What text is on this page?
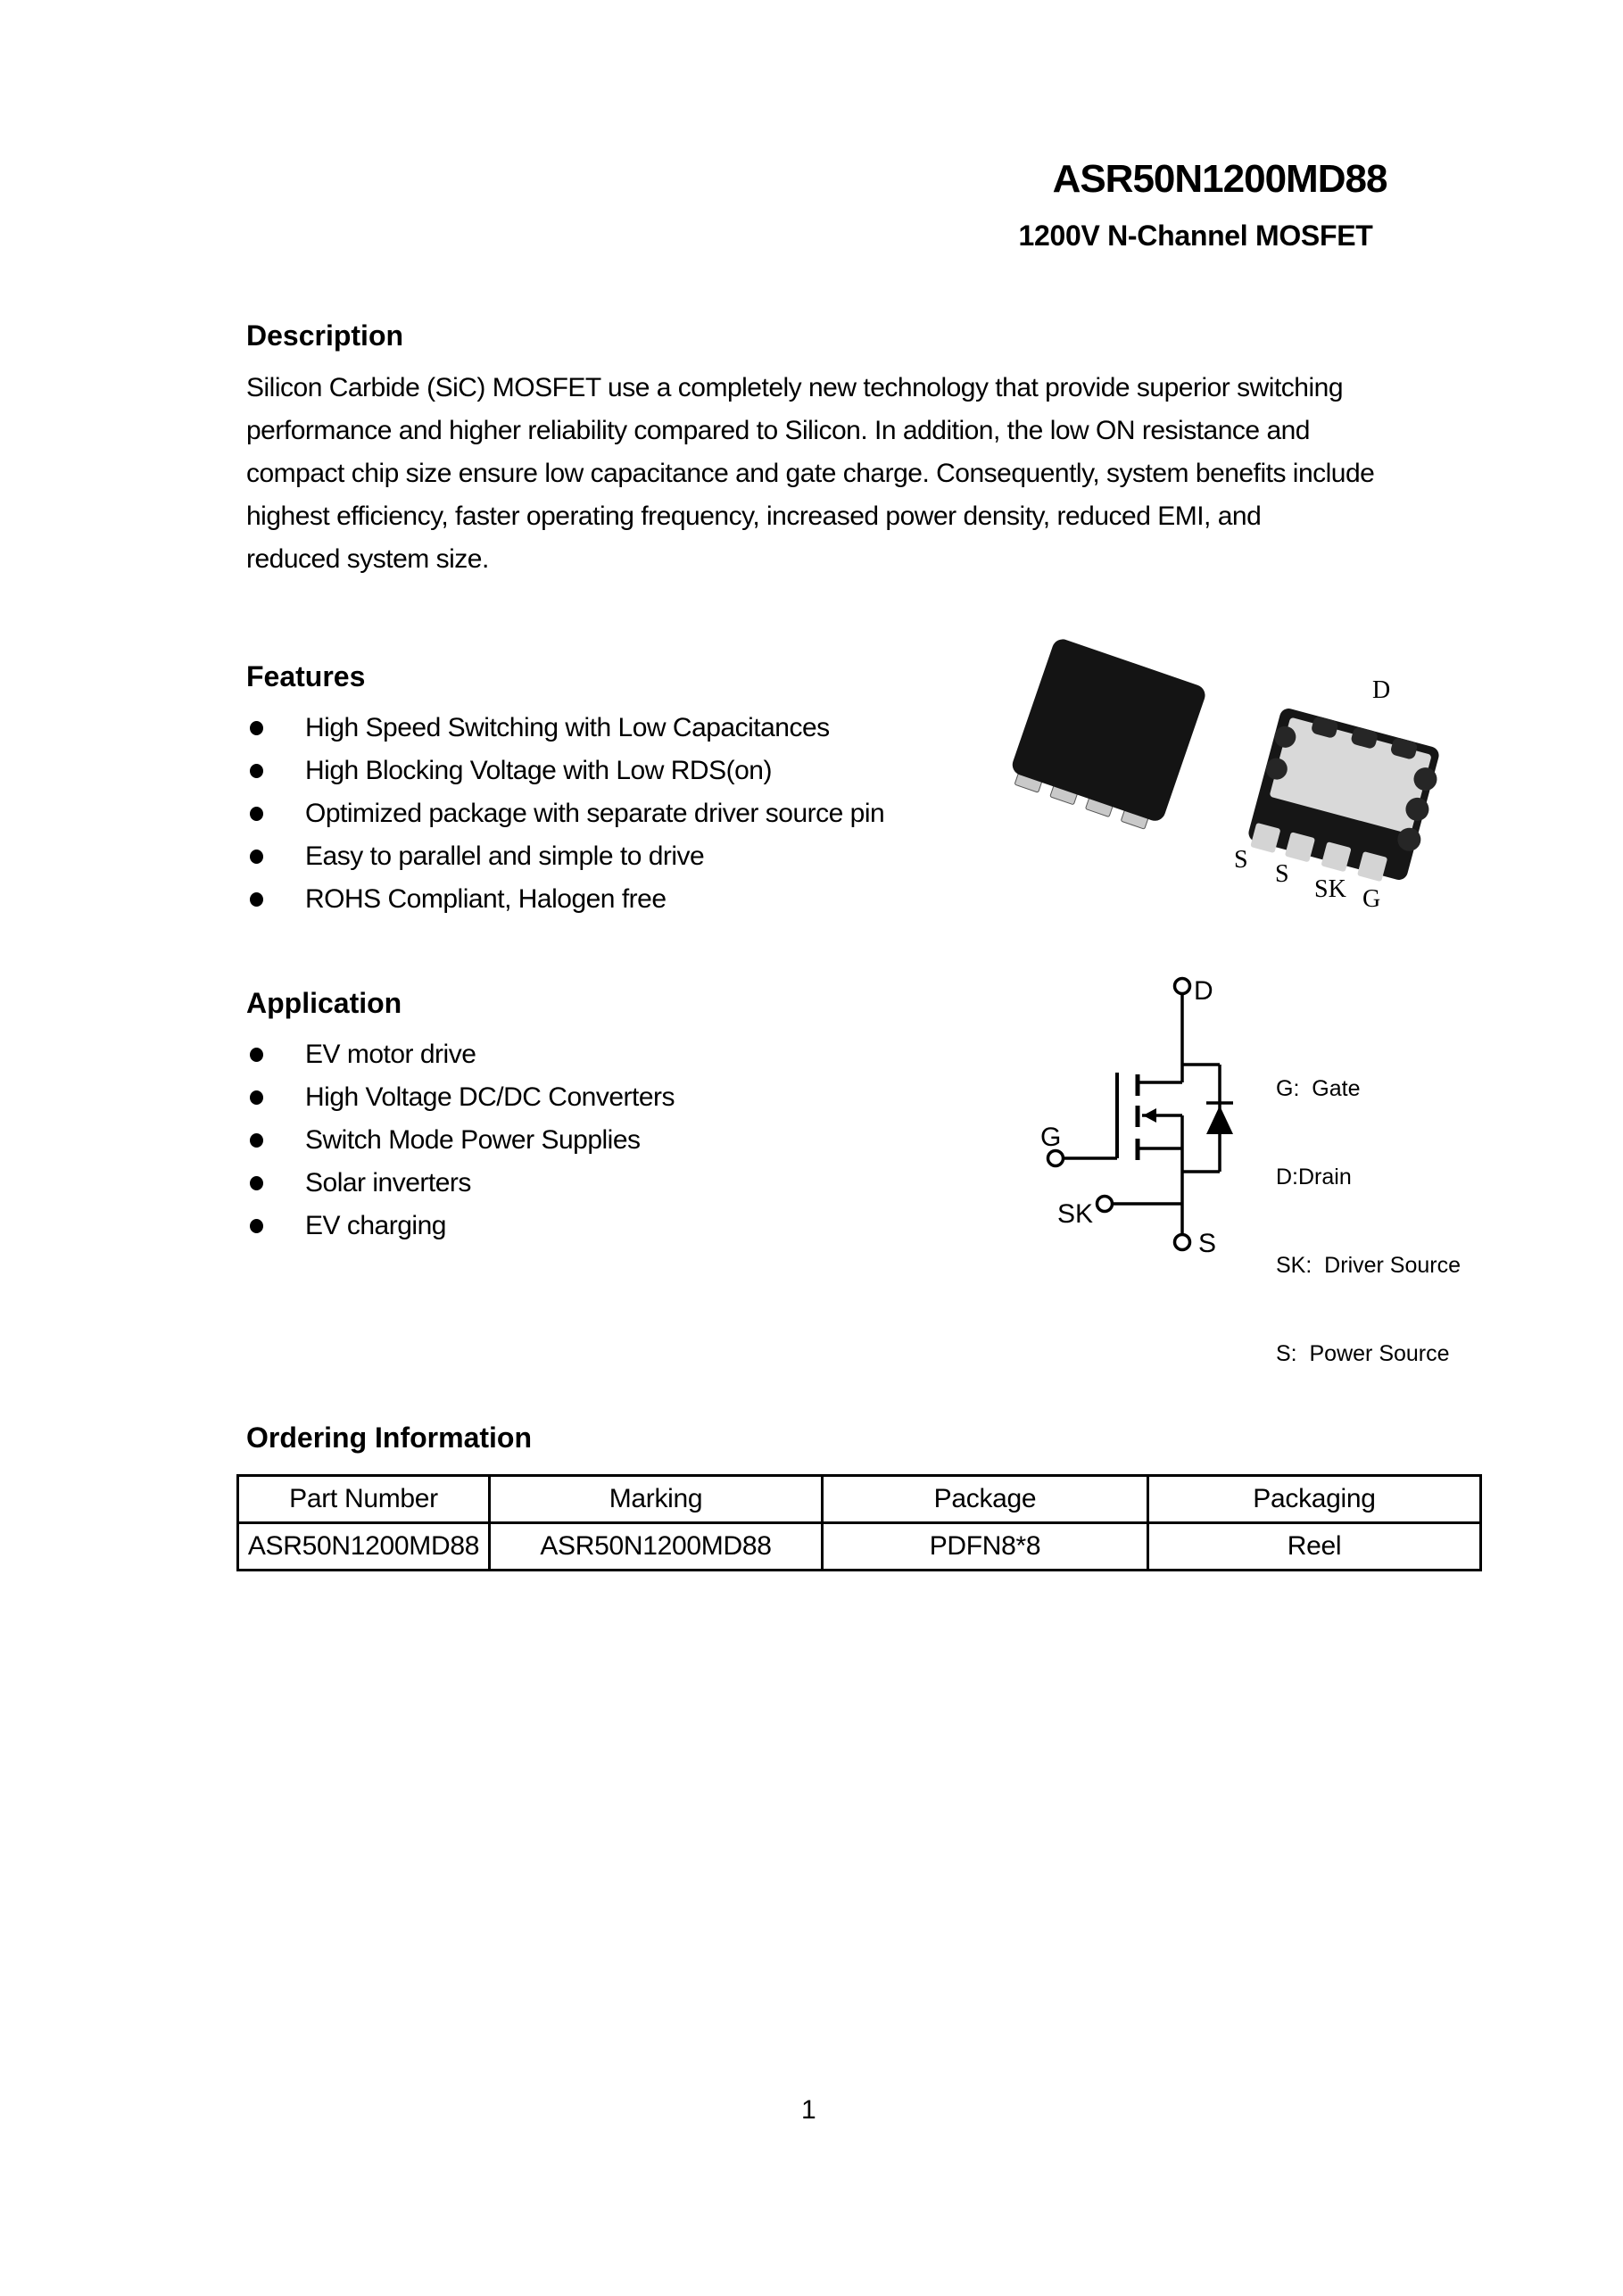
ASR50N1200MD88
1200V N-Channel MOSFET
Description
Silicon Carbide (SiC) MOSFET use a completely new technology that provide superior switching
performance and higher reliability compared to Silicon. In addition, the low ON resistance and
compact chip size ensure low capacitance and gate charge. Consequently, system benefits include
highest efficiency, faster operating frequency, increased power density, reduced EMI, and
reduced system size.
Features
High Speed Switching with Low Capacitances
High Blocking Voltage with Low RDS(on)
Optimized package with separate driver source pin
Easy to parallel and simple to drive
ROHS Compliant, Halogen free
D
S
S
SK G
Application
EV motor drive
High Voltage DC/DC Converters
Switch Mode Power Supplies
Solar inverters
EV charging
D
G
SK
S

G:  Gate

D:Drain

SK:  Driver Source

S:  Power Source

Ordering Information
Part Number	Marking	Package	Packaging
ASR50N1200MD88	ASR50N1200MD88	PDFN8*8	Reel
1
